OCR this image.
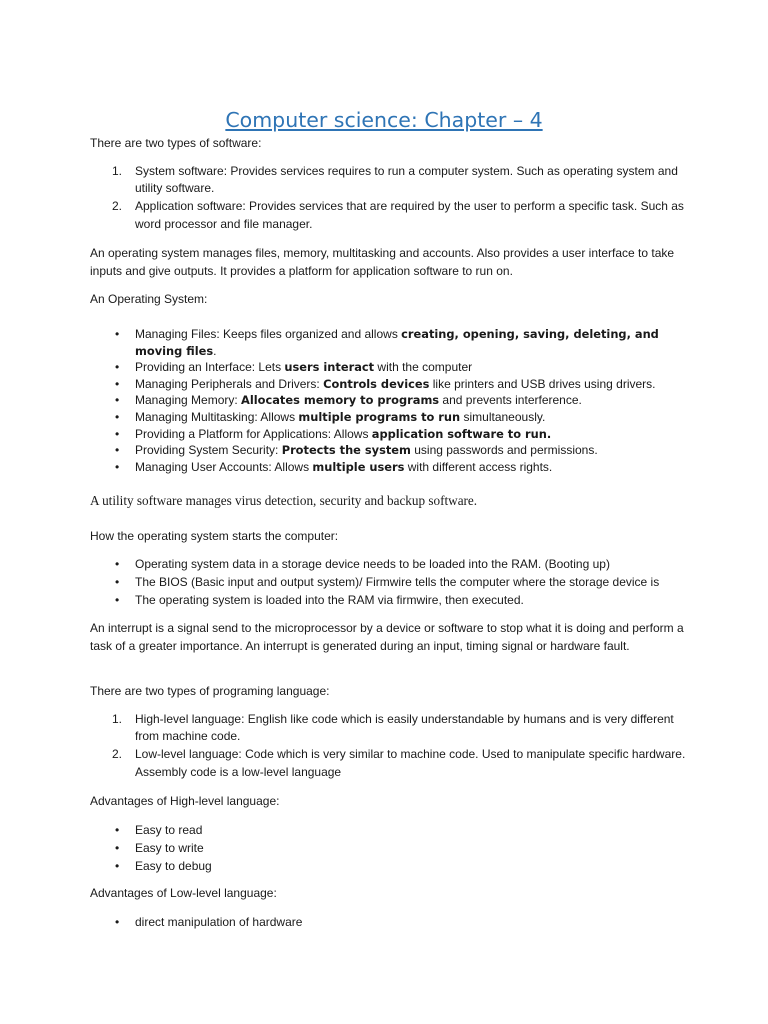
Computer science: Chapter – 4
There are two types of software:
1. System software: Provides services requires to run a computer system. Such as operating system and utility software.
2. Application software: Provides services that are required by the user to perform a specific task. Such as word processor and file manager.
An operating system manages files, memory, multitasking and accounts. Also provides a user interface to take inputs and give outputs. It provides a platform for application software to run on.
An Operating System:
• Managing Files: Keeps files organized and allows creating, opening, saving, deleting, and moving files.
• Providing an Interface: Lets users interact with the computer
• Managing Peripherals and Drivers: Controls devices like printers and USB drives using drivers.
• Managing Memory: Allocates memory to programs and prevents interference.
• Managing Multitasking: Allows multiple programs to run simultaneously.
• Providing a Platform for Applications: Allows application software to run.
• Providing System Security: Protects the system using passwords and permissions.
• Managing User Accounts: Allows multiple users with different access rights.
A utility software manages virus detection, security and backup software.
How the operating system starts the computer:
• Operating system data in a storage device needs to be loaded into the RAM. (Booting up)
• The BIOS (Basic input and output system)/ Firmwire tells the computer where the storage device is
• The operating system is loaded into the RAM via firmwire, then executed.
An interrupt is a signal send to the microprocessor by a device or software to stop what it is doing and perform a task of a greater importance. An interrupt is generated during an input, timing signal or hardware fault.
There are two types of programing language:
1. High-level language: English like code which is easily understandable by humans and is very different from machine code.
2. Low-level language: Code which is very similar to machine code. Used to manipulate specific hardware. Assembly code is a low-level language
Advantages of High-level language:
• Easy to read
• Easy to write
• Easy to debug
Advantages of Low-level language:
• direct manipulation of hardware
